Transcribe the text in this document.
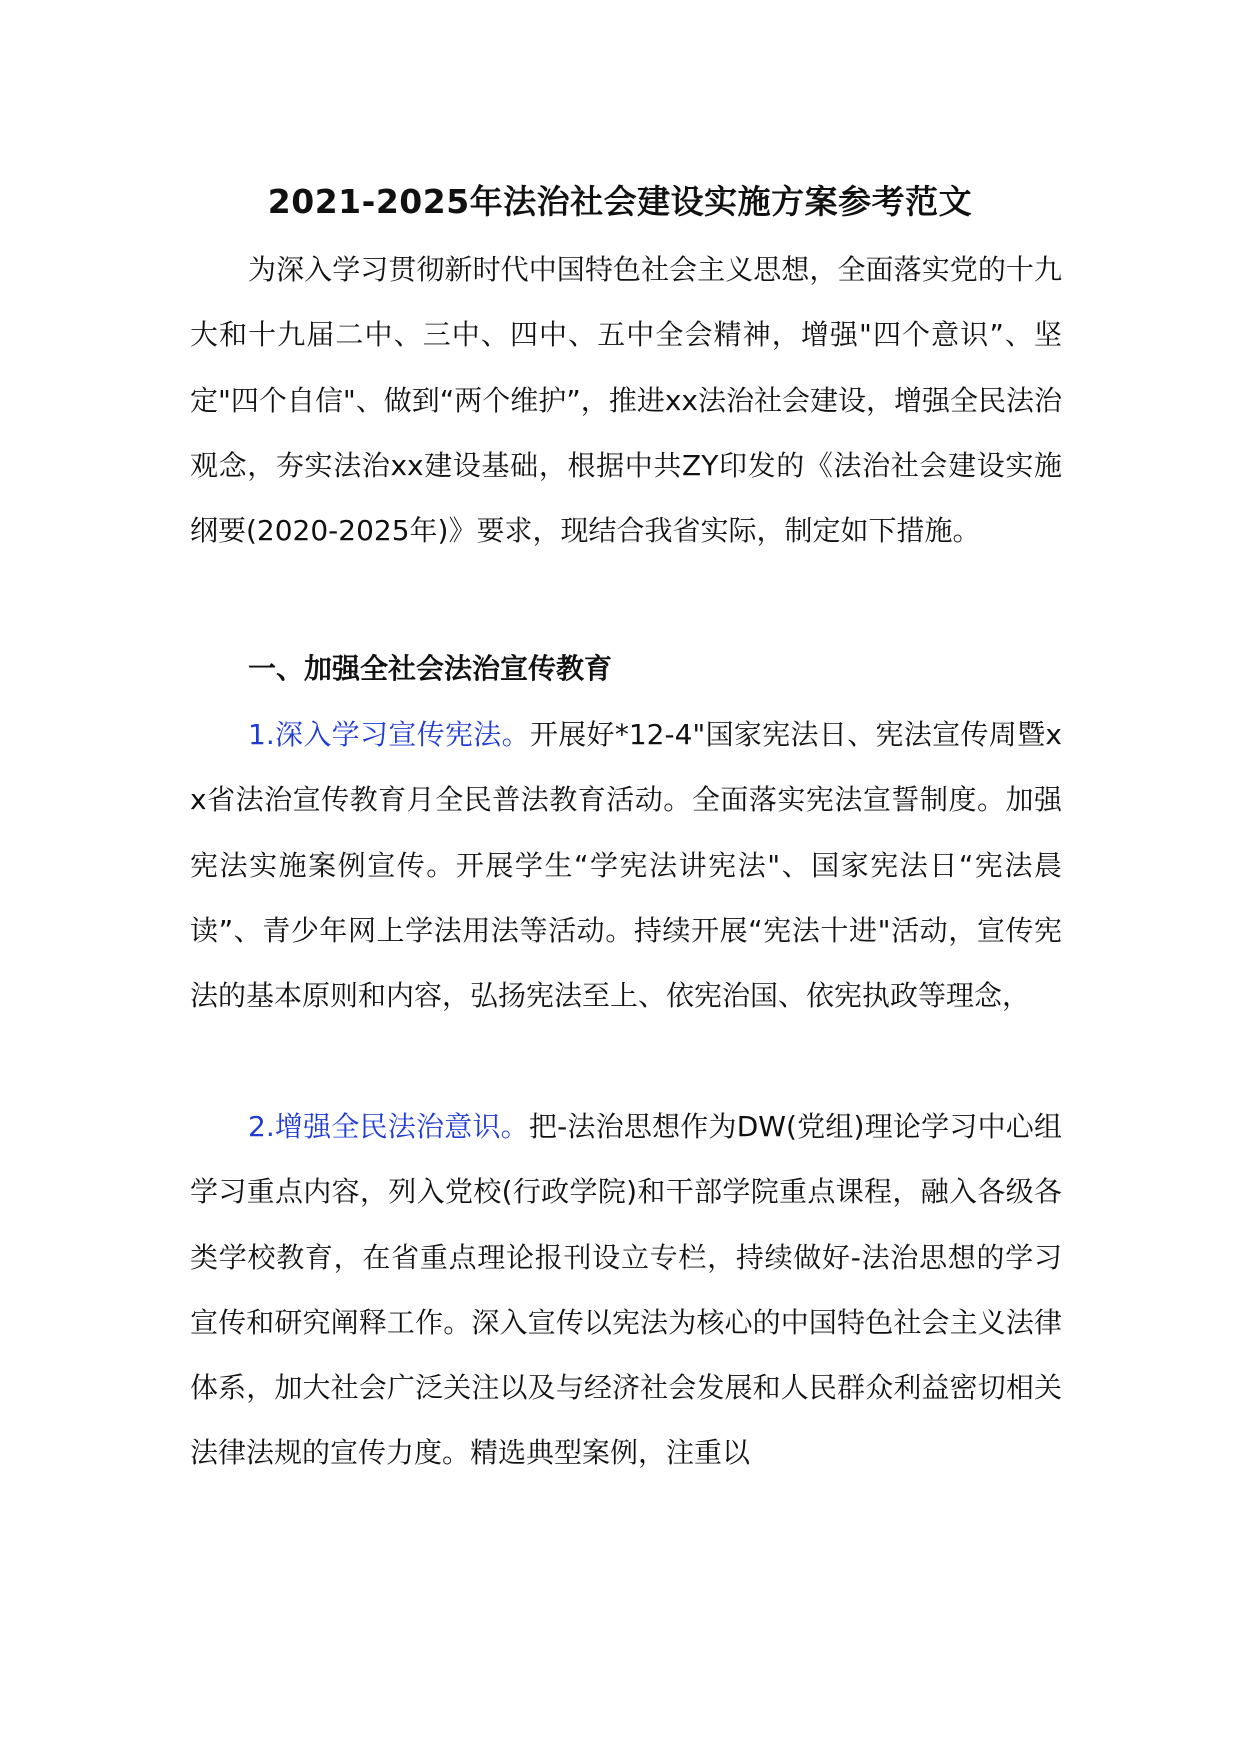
2021-2025年法治社会建设实施方案参考范文

为深入学习贯彻新时代中国特色社会主义思想，全面落实党的十九大和十九届二中、三中、四中、五中全会精神，增强"四个意识”、坚定"四个自信"、做到“两个维护”，推进xx法治社会建设，增强全民法治观念，夯实法治xx建设基础，根据中共ZY印发的《法治社会建设实施纲要(2020-2025年)》要求，现结合我省实际，制定如下措施。

一、加强全社会法治宣传教育

1.深入学习宣传宪法。开展好*12-4"国家宪法日、宪法宣传周暨xx省法治宣传教育月全民普法教育活动。全面落实宪法宣誓制度。加强宪法实施案例宣传。开展学生“学宪法讲宪法"、国家宪法日“宪法晨读”、青少年网上学法用法等活动。持续开展“宪法十进"活动，宣传宪法的基本原则和内容，弘扬宪法至上、依宪治国、依宪执政等理念，

2.增强全民法治意识。把-法治思想作为DW(党组)理论学习中心组学习重点内容，列入党校(行政学院)和干部学院重点课程，融入各级各类学校教育，在省重点理论报刊设立专栏，持续做好-法治思想的学习宣传和研究阐释工作。深入宣传以宪法为核心的中国特色社会主义法律体系，加大社会广泛关注以及与经济社会发展和人民群众利益密切相关法律法规的宣传力度。精选典型案例，注重以
